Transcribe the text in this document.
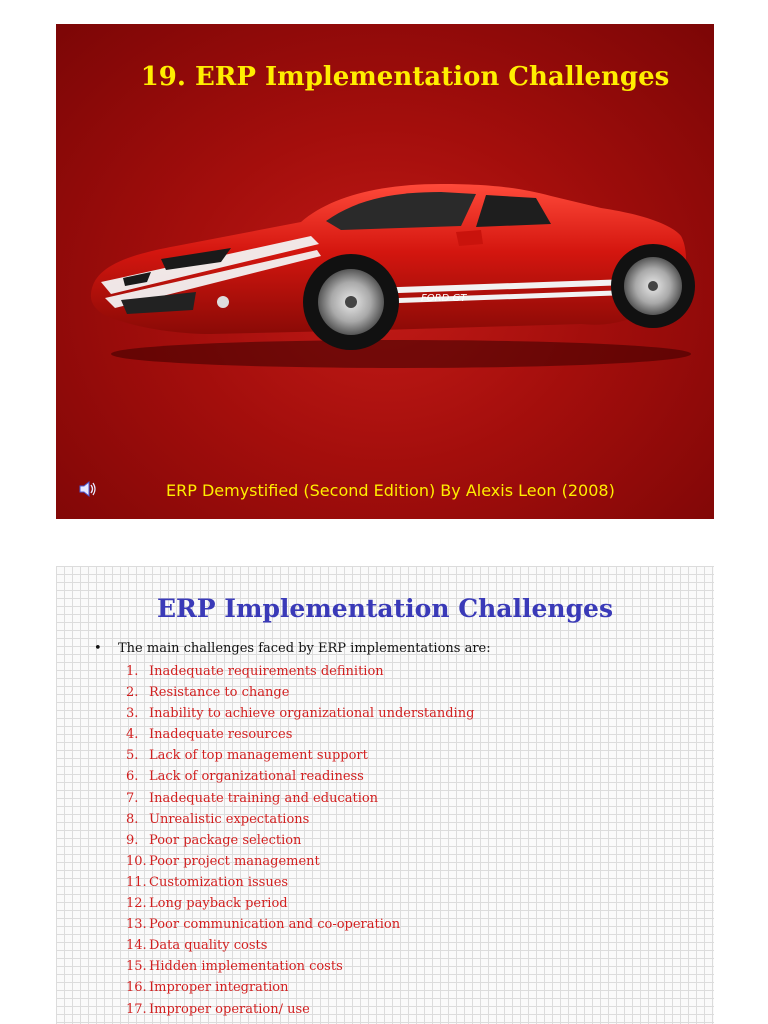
19. ERP Implementation Challenges
FORD GT
ERP Demystified (Second Edition) By Alexis Leon (2008)
ERP Implementation Challenges
• The main challenges faced by ERP implementations are:
1. Inadequate requirements definition
2. Resistance to change
3. Inability to achieve organizational understanding
4. Inadequate resources
5. Lack of top management support
6. Lack of organizational readiness
7. Inadequate training and education
8. Unrealistic expectations
9. Poor package selection
10. Poor project management
11. Customization issues
12. Long payback period
13. Poor communication and co-operation
14. Data quality costs
15. Hidden implementation costs
16. Improper integration
17. Improper operation/ use
